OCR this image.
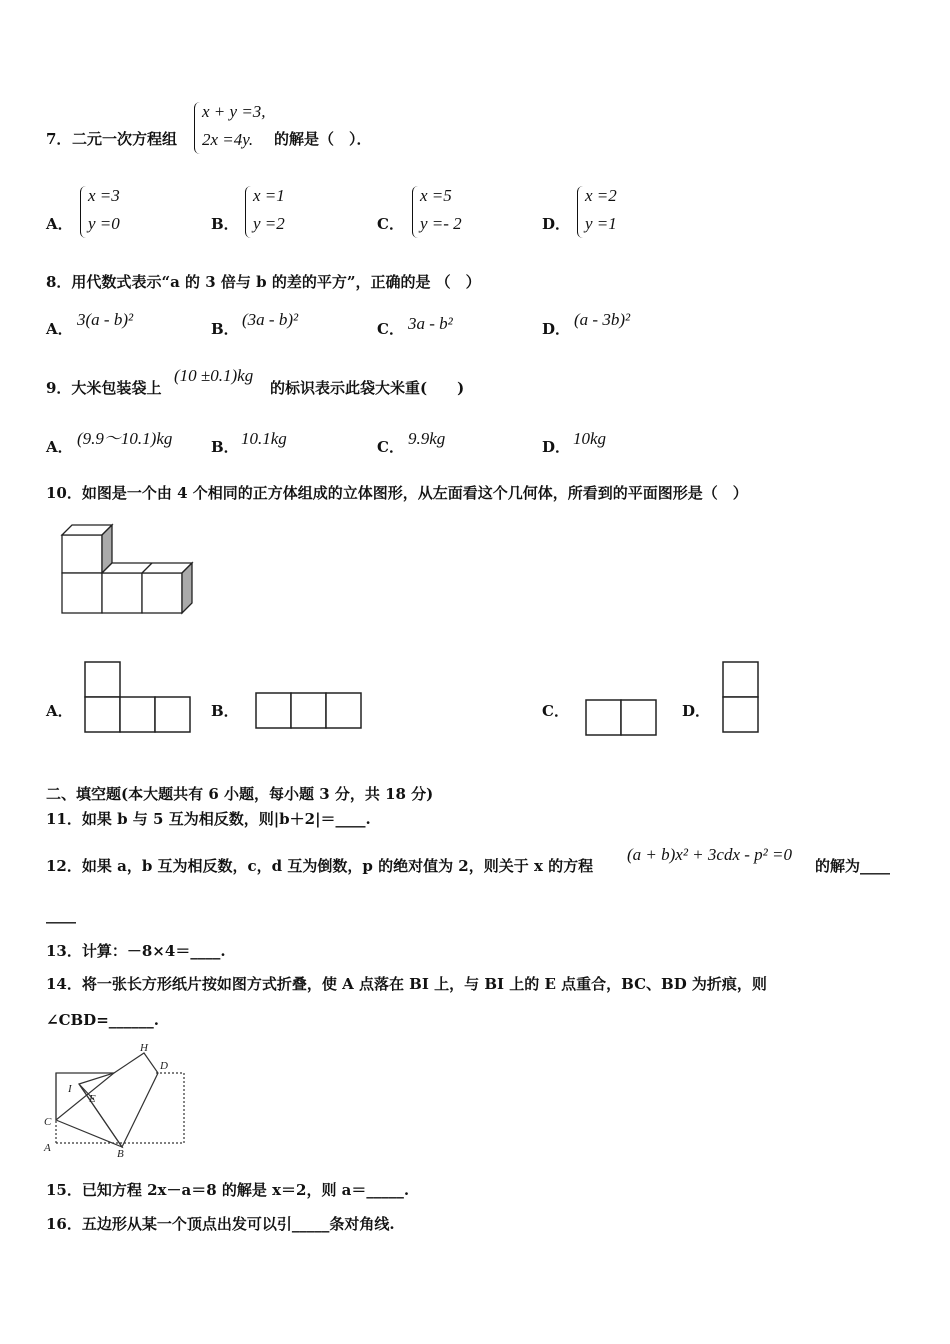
7． 二元一次方程组
x + y =3,
2x =4y.	的解是（　）．
A．
x =3
y =0	B．
x =1
y =2	C．
x =5
y =- 2	D．
x =2
y =1
8．用代数式表示“a 的 3 倍与 b 的差的平方”，正确的是 （　）
A． 3(a - b)²	B． (3a - b)²	C． 3a - b²	D． (a - 3b)²
9．大米包装袋上
(10 ±0.1)kg
的标识表示此袋大米重(　　)
A． (9.9～10.1)kg	B． 10.1kg	C． 9.9kg	D． 10kg
10．如图是一个由 4 个相同的正方体组成的立体图形，从左面看这个几何体，所看到的平面图形是（　）
A．	B．	C．	D．
二、填空题(本大题共有 6 小题，每小题 3 分，共 18 分)
11．如果 b 与 5 互为相反数，则|b＋2|＝____.
12．如果 a，b 互为相反数，c，d 互为倒数，p 的绝对值为 2，则关于 x 的方程
(a + b)x² + 3cdx - p² =0
的解为____
____
13．计算：－8×4＝____.
14．将一张长方形纸片按如图方式折叠，使 A 点落在 BI 上，与 BI 上的 E 点重合，BC、BD 为折痕，则
∠CBD=______.
H
D
I
E
C
A	B
15．已知方程 2x－a＝8 的解是 x＝2，则 a＝_____.
16．五边形从某一个顶点出发可以引_____条对角线.
